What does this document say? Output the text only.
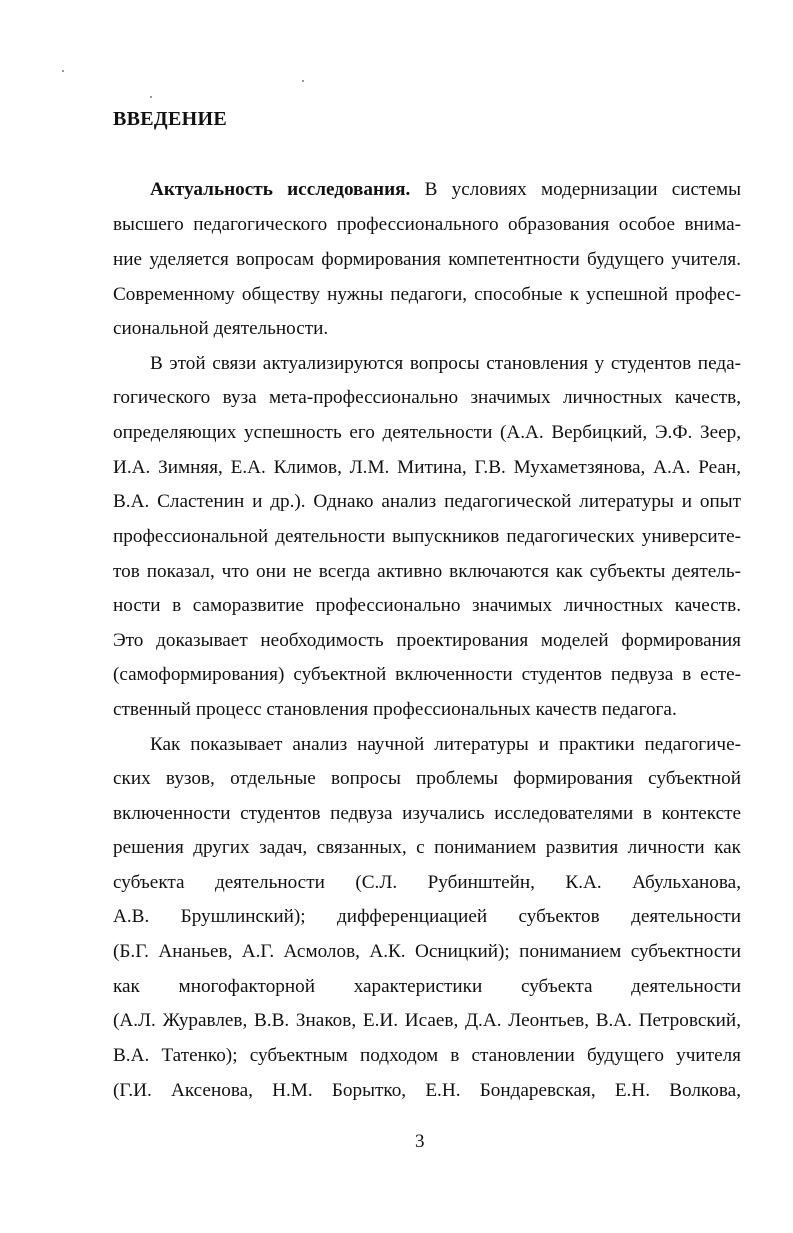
ВВЕДЕНИЕ
Актуальность исследования. В условиях модернизации системы
высшего педагогического профессионального образования особое внима-
ние уделяется вопросам формирования компетентности будущего учителя.
Современному обществу нужны педагоги, способные к успешной профес-
сиональной деятельности.
В этой связи актуализируются вопросы становления у студентов педа-
гогического вуза мета-профессионально значимых личностных качеств,
определяющих успешность его деятельности (А.А. Вербицкий, Э.Ф. Зеер,
И.А. Зимняя, Е.А. Климов, Л.М. Митина, Г.В. Мухаметзянова, А.А. Реан,
В.А. Сластенин и др.). Однако анализ педагогической литературы и опыт
профессиональной деятельности выпускников педагогических университе-
тов показал, что они не всегда активно включаются как субъекты деятель-
ности в саморазвитие профессионально значимых личностных качеств.
Это доказывает необходимость проектирования моделей формирования
(самоформирования) субъектной включенности студентов педвуза в есте-
ственный процесс становления профессиональных качеств педагога.
Как показывает анализ научной литературы и практики педагогиче-
ских вузов, отдельные вопросы проблемы формирования субъектной
включенности студентов педвуза изучались исследователями в контексте
решения других задач, связанных, с пониманием развития личности как
субъекта деятельности (С.Л. Рубинштейн, К.А. Абульханова,
А.В. Брушлинский); дифференциацией субъектов деятельности
(Б.Г. Ананьев, А.Г. Асмолов, А.К. Осницкий); пониманием субъектности
как многофакторной характеристики субъекта деятельности
(А.Л. Журавлев, В.В. Знаков, Е.И. Исаев, Д.А. Леонтьев, В.А. Петровский,
В.А. Татенко); субъектным подходом в становлении будущего учителя
(Г.И. Аксенова, Н.М. Борытко, Е.Н. Бондаревская, Е.Н. Волкова,
3
